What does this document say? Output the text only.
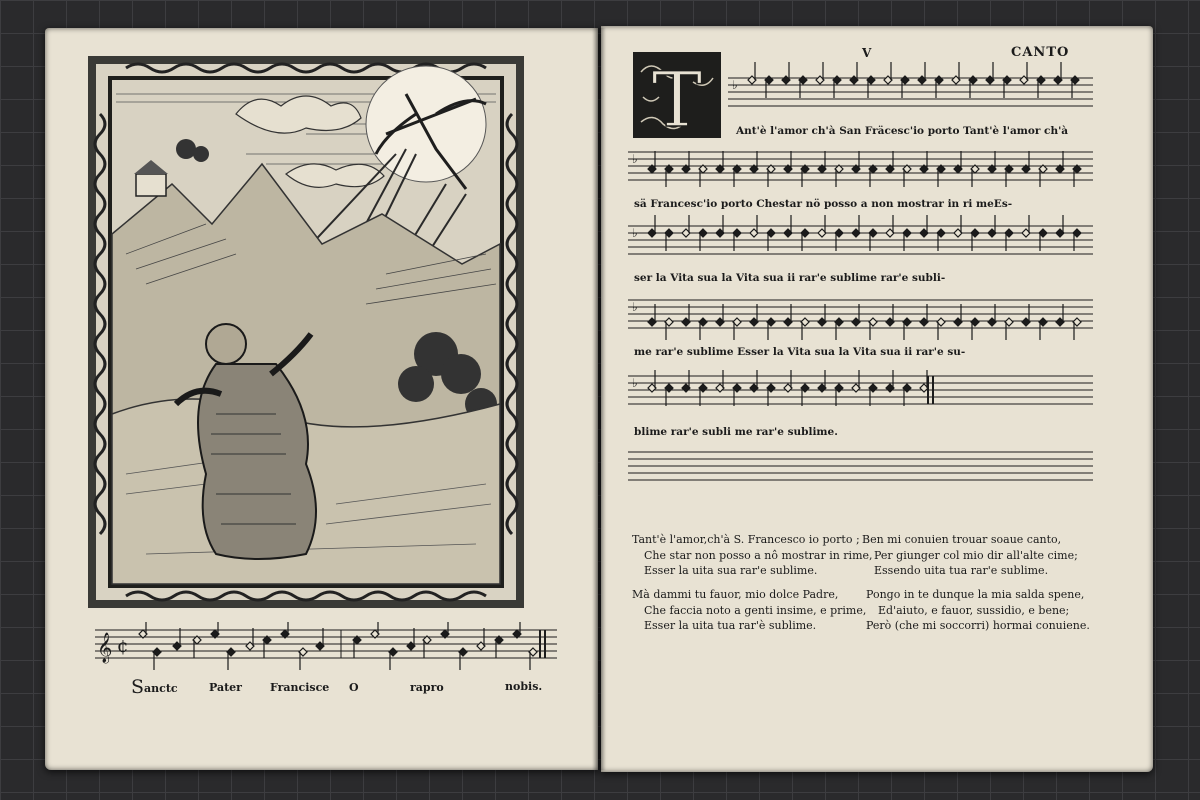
𝄞 ¢
S anctc	Pater	Francisce O	rapro	nobis.
V	CANTO
T ♭
♭
♭
♭
♭
Ant'è l'amor ch'à San Fräcesc'io porto Tant'è l'amor ch'à
sä Francesc'io porto Chestar nö posso a non mostrar in ri meEs-
ser la Vita sua la Vita sua ii rar'e sublime rar'e subli-
me rar'e sublime Esser la Vita sua la Vita sua ii rar'e su-
blime rar'e subli me rar'e sublime.
Tant'è l'amor,ch'à S. Francesco io porto ;
Che star non posso a nô mostrar in rime,
Esser la uita sua rar'e sublime.
Ben mi conuien trouar soaue canto,
Per giunger col mio dir all'alte cime;
Essendo uita tua rar'e sublime.
Mà dammi tu fauor, mio dolce Padre,
Che faccia noto a genti insime, e prime,
Esser la uita tua rar'è sublime.
Pongo in te dunque la mia salda spene,
Ed'aiuto, e fauor, sussidio, e bene;
Però (che mi soccorri) hormai conuiene.
